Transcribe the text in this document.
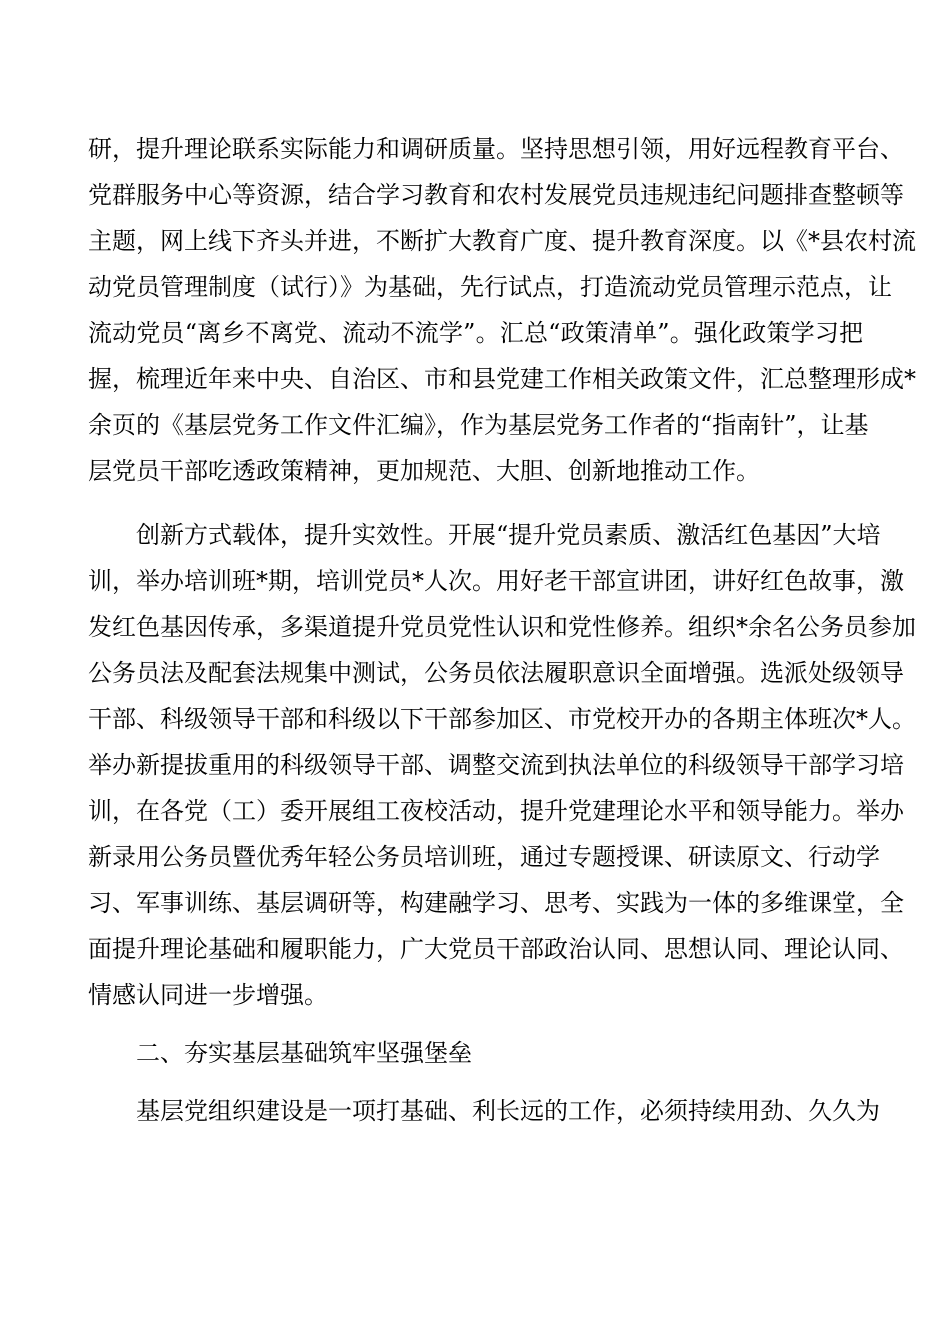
研，提升理论联系实际能力和调研质量。坚持思想引领，用好远程教育平台、
党群服务中心等资源，结合学习教育和农村发展党员违规违纪问题排查整顿等
主题，网上线下齐头并进，不断扩大教育广度、提升教育深度。以《*县农村流
动党员管理制度（试行）》为基础，先行试点，打造流动党员管理示范点，让
流动党员“离乡不离党、流动不流学”。汇总“政策清单”。强化政策学习把
握，梳理近年来中央、自治区、市和县党建工作相关政策文件，汇总整理形成*
余页的《基层党务工作文件汇编》，作为基层党务工作者的“指南针”，让基
层党员干部吃透政策精神，更加规范、大胆、创新地推动工作。
　　创新方式载体，提升实效性。开展“提升党员素质、激活红色基因”大培
训，举办培训班*期，培训党员*人次。用好老干部宣讲团，讲好红色故事，激
发红色基因传承，多渠道提升党员党性认识和党性修养。组织*余名公务员参加
公务员法及配套法规集中测试，公务员依法履职意识全面增强。选派处级领导
干部、科级领导干部和科级以下干部参加区、市党校开办的各期主体班次*人。
举办新提拔重用的科级领导干部、调整交流到执法单位的科级领导干部学习培
训，在各党（工）委开展组工夜校活动，提升党建理论水平和领导能力。举办
新录用公务员暨优秀年轻公务员培训班，通过专题授课、研读原文、行动学
习、军事训练、基层调研等，构建融学习、思考、实践为一体的多维课堂，全
面提升理论基础和履职能力，广大党员干部政治认同、思想认同、理论认同、
情感认同进一步增强。
　　二、夯实基层基础筑牢坚强堡垒
　　基层党组织建设是一项打基础、利长远的工作，必须持续用劲、久久为
